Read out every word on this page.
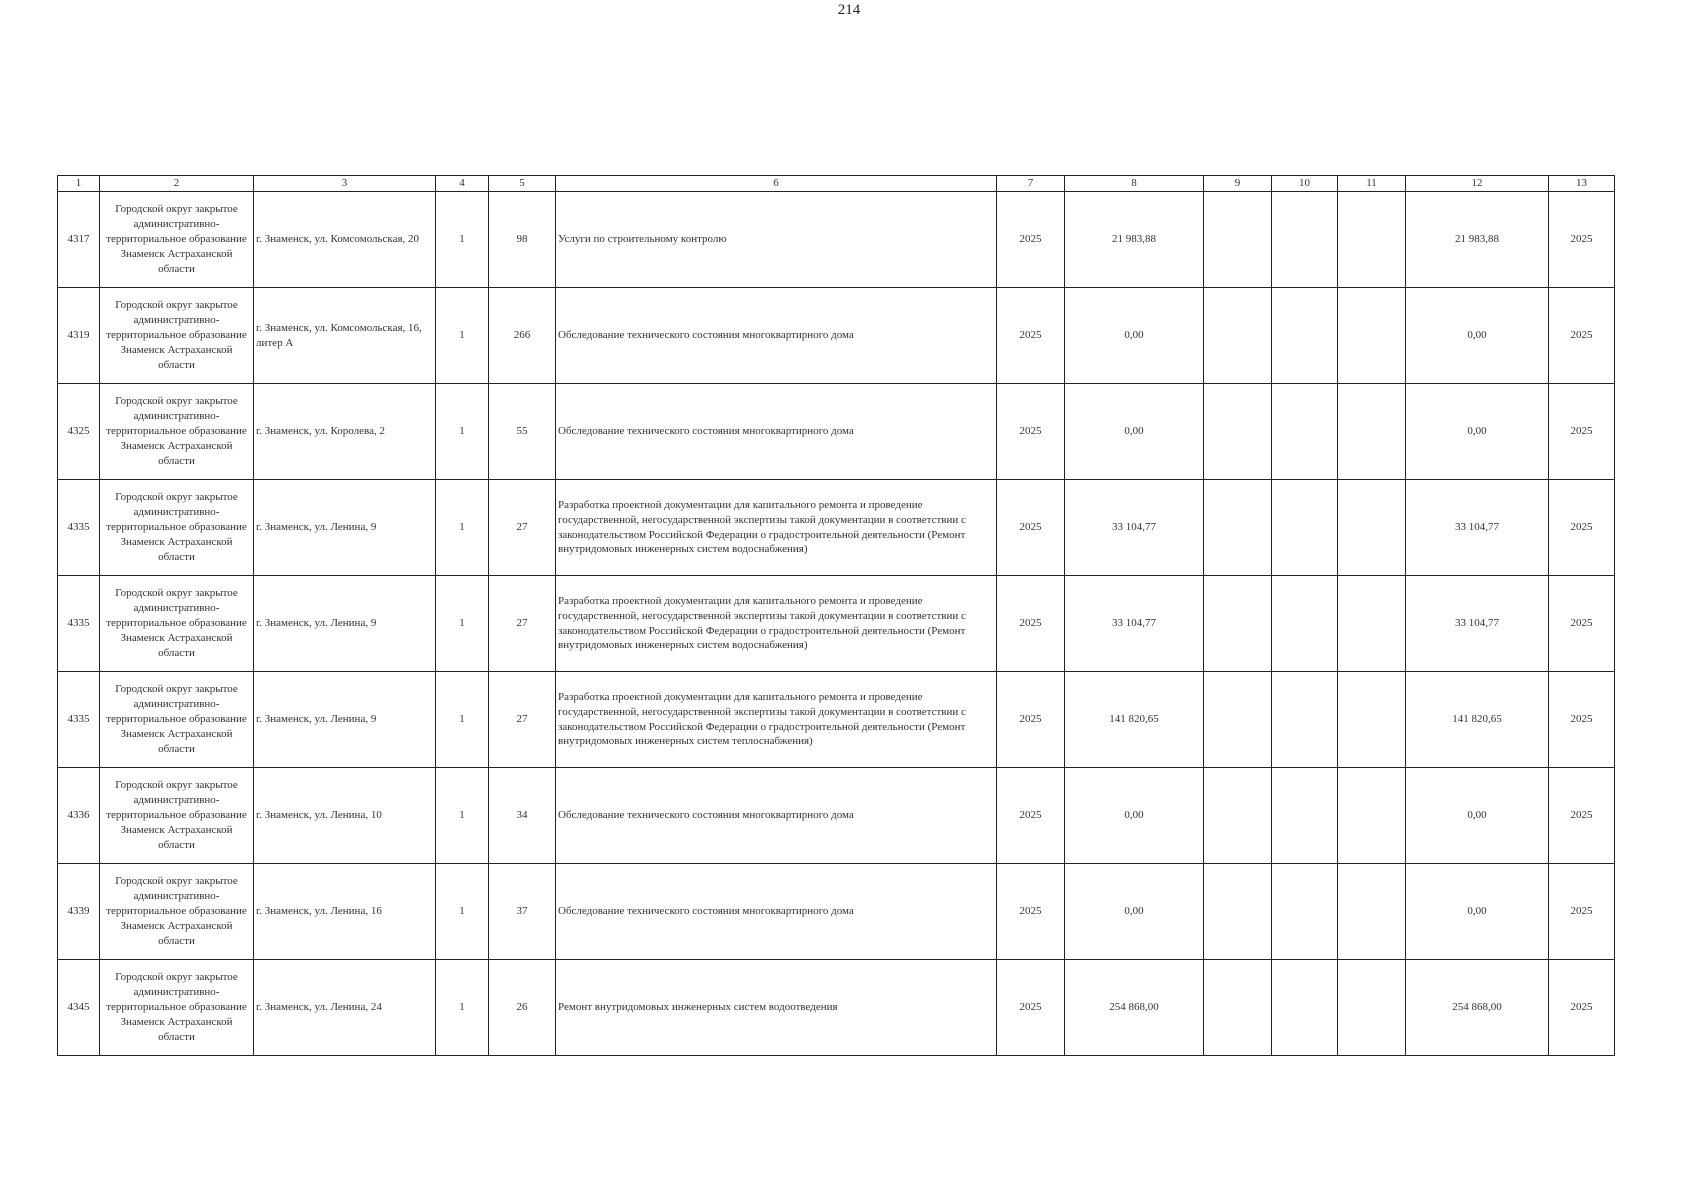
214
1	2	3	4	5	6	7	8	9	10	11	12	13
4317	Городской округ закрытое административно-территориальное образование Знаменск Астраханской области	г. Знаменск, ул. Комсомольская, 20	1	98	Услуги по строительному контролю	2025	21 983,88				21 983,88	2025
4319	Городской округ закрытое административно-территориальное образование Знаменск Астраханской области	г. Знаменск, ул. Комсомольская, 16, литер А	1	266	Обследование технического состояния многоквартирного дома	2025	0,00				0,00	2025
4325	Городской округ закрытое административно-территориальное образование Знаменск Астраханской области	г. Знаменск, ул. Королева, 2	1	55	Обследование технического состояния многоквартирного дома	2025	0,00				0,00	2025
4335	Городской округ закрытое административно-территориальное образование Знаменск Астраханской области	г. Знаменск, ул. Ленина, 9	1	27	Разработка проектной документации для капитального ремонта и проведение государственной, негосударственной экспертизы такой документации в соответствии с законодательством Российской Федерации о градостроительной деятельности (Ремонт внутридомовых инженерных систем водоснабжения)	2025	33 104,77				33 104,77	2025
4335	Городской округ закрытое административно-территориальное образование Знаменск Астраханской области	г. Знаменск, ул. Ленина, 9	1	27	Разработка проектной документации для капитального ремонта и проведение государственной, негосударственной экспертизы такой документации в соответствии с законодательством Российской Федерации о градостроительной деятельности (Ремонт внутридомовых инженерных систем водоснабжения)	2025	33 104,77				33 104,77	2025
4335	Городской округ закрытое административно-территориальное образование Знаменск Астраханской области	г. Знаменск, ул. Ленина, 9	1	27	Разработка проектной документации для капитального ремонта и проведение государственной, негосударственной экспертизы такой документации в соответствии с законодательством Российской Федерации о градостроительной деятельности (Ремонт внутридомовых инженерных систем теплоснабжения)	2025	141 820,65				141 820,65	2025
4336	Городской округ закрытое административно-территориальное образование Знаменск Астраханской области	г. Знаменск, ул. Ленина, 10	1	34	Обследование технического состояния многоквартирного дома	2025	0,00				0,00	2025
4339	Городской округ закрытое административно-территориальное образование Знаменск Астраханской области	г. Знаменск, ул. Ленина, 16	1	37	Обследование технического состояния многоквартирного дома	2025	0,00				0,00	2025
4345	Городской округ закрытое административно-территориальное образование Знаменск Астраханской области	г. Знаменск, ул. Ленина, 24	1	26	Ремонт внутридомовых инженерных систем водоотведения	2025	254 868,00				254 868,00	2025
